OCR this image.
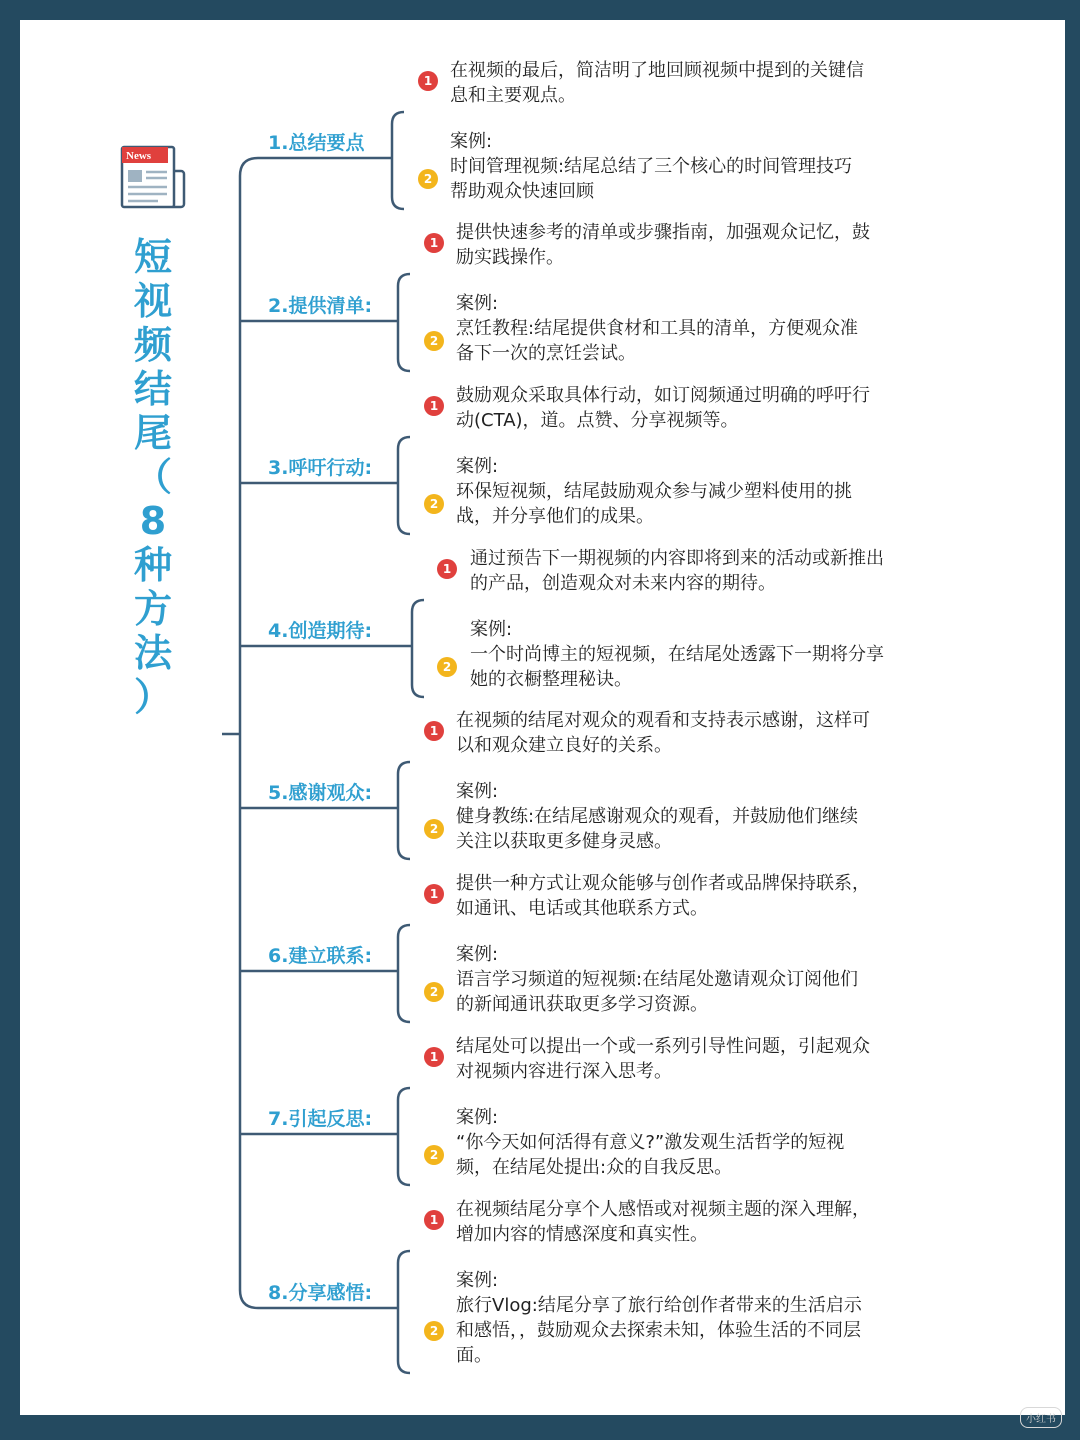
News
短
视
频
结
尾
（
8
种
方
法
）
1.总结要点
1 在视频的最后，简洁明了地回顾视频中提到的关键信息和主要观点。
案例:
2
时间管理视频:结尾总结了三个核心的时间管理技巧帮助观众快速回顾
2.提供清单:
1 提供快速参考的清单或步骤指南，加强观众记忆，鼓励实践操作。
案例:
2
烹饪教程:结尾提供食材和工具的清单，方便观众准备下一次的烹饪尝试。
3.呼吁行动:
1 鼓励观众采取具体行动，如订阅频通过明确的呼吁行动(CTA)，道。点赞、分享视频等。
案例:
2
环保短视频，结尾鼓励观众参与减少塑料使用的挑战，并分享他们的成果。
4.创造期待:
1	通过预告下一期视频的内容即将到来的活动或新推出的产品，创造观众对未来内容的期待。
案例:
2
一个时尚博主的短视频，在结尾处透露下一期将分享她的衣橱整理秘诀。
5.感谢观众:
1 在视频的结尾对观众的观看和支持表示感谢，这样可以和观众建立良好的关系。
案例:
2
健身教练:在结尾感谢观众的观看，并鼓励他们继续关注以获取更多健身灵感。
6.建立联系:
1 提供一种方式让观众能够与创作者或品牌保持联系，如通讯、电话或其他联系方式。
案例:
2
语言学习频道的短视频:在结尾处邀请观众订阅他们的新闻通讯获取更多学习资源。
7.引起反思:
1 结尾处可以提出一个或一系列引导性问题，引起观众对视频内容进行深入思考。
案例:
2
“你今天如何活得有意义?”激发观生活哲学的短视频，在结尾处提出:众的自我反思。
8.分享感悟:
1 在视频结尾分享个人感悟或对视频主题的深入理解，增加内容的情感深度和真实性。
案例:
2
旅行Vlog:结尾分享了旅行给创作者带来的生活启示和感悟，，鼓励观众去探索未知，体验生活的不同层面。
小红书
